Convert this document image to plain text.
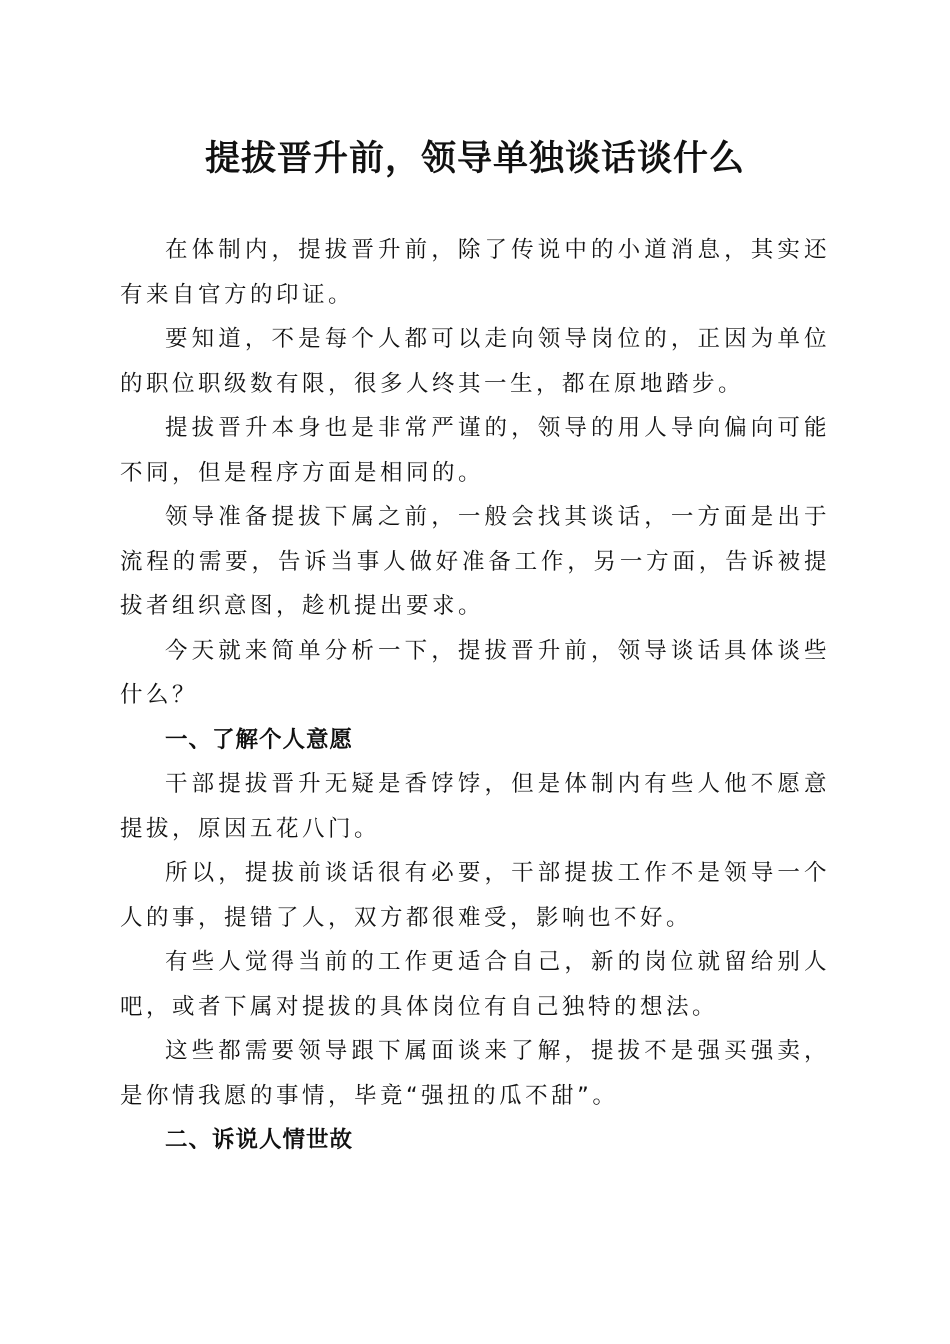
提拔晋升前，领导单独谈话谈什么

在体制内，提拔晋升前，除了传说中的小道消息，其实还有来自官方的印证。

要知道，不是每个人都可以走向领导岗位的，正因为单位的职位职级数有限，很多人终其一生，都在原地踏步。

提拔晋升本身也是非常严谨的，领导的用人导向偏向可能不同，但是程序方面是相同的。

领导准备提拔下属之前，一般会找其谈话，一方面是出于流程的需要，告诉当事人做好准备工作，另一方面，告诉被提拔者组织意图，趁机提出要求。

今天就来简单分析一下，提拔晋升前，领导谈话具体谈些什么？

一、了解个人意愿

干部提拔晋升无疑是香饽饽，但是体制内有些人他不愿意提拔，原因五花八门。

所以，提拔前谈话很有必要，干部提拔工作不是领导一个人的事，提错了人，双方都很难受，影响也不好。

有些人觉得当前的工作更适合自己，新的岗位就留给别人吧，或者下属对提拔的具体岗位有自己独特的想法。

这些都需要领导跟下属面谈来了解，提拔不是强买强卖，是你情我愿的事情，毕竟“强扭的瓜不甜”。

二、诉说人情世故
